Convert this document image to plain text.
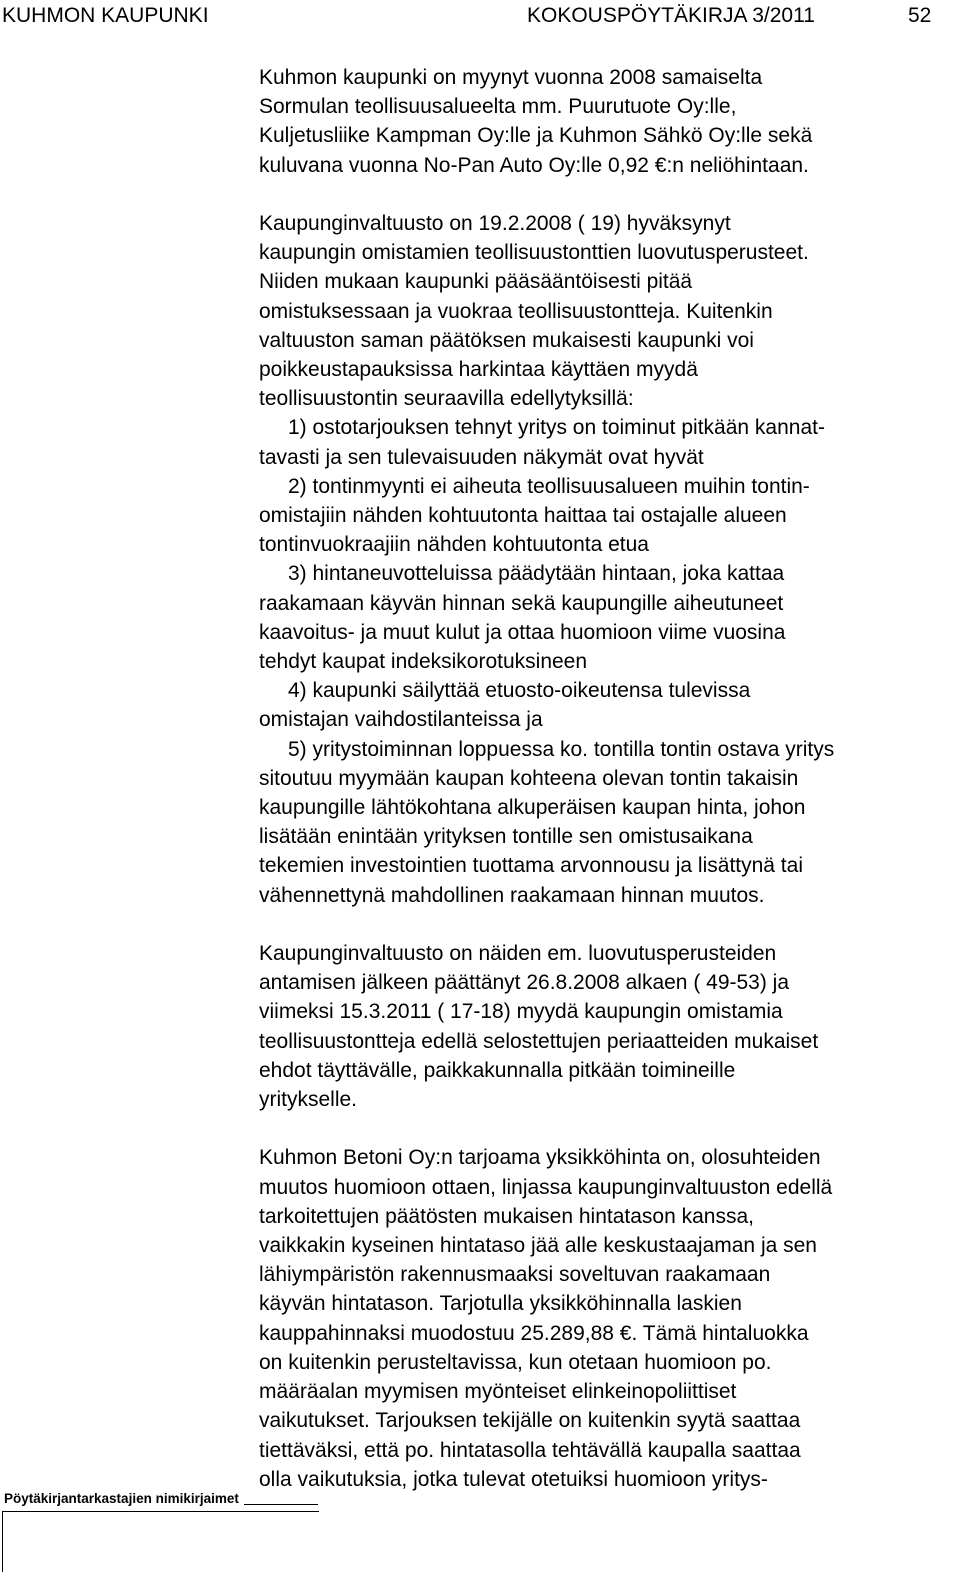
KUHMON KAUPUNKI	KOKOUSPÖYTÄKIRJA 3/2011	52
Kuhmon kaupunki on myynyt vuonna 2008 samaiselta
Sormulan teollisuusalueelta mm. Puurutuote Oy:lle,
Kuljetusliike Kampman Oy:lle ja Kuhmon Sähkö Oy:lle sekä
kuluvana vuonna No-Pan Auto Oy:lle 0,92 €:n neliöhintaan.
Kaupunginvaltuusto on 19.2.2008 ( 19) hyväksynyt
kaupungin omistamien teollisuustonttien luovutusperusteet.
Niiden mukaan kaupunki pääsääntöisesti pitää
omistuksessaan ja vuokraa teollisuustontteja. Kuitenkin
valtuuston saman päätöksen mukaisesti kaupunki voi
poikkeustapauksissa harkintaa käyttäen myydä
teollisuustontin seuraavilla edellytyksillä:
1) ostotarjouksen tehnyt yritys on toiminut pitkään kannat-
tavasti ja sen tulevaisuuden näkymät ovat hyvät
2) tontinmyynti ei aiheuta teollisuusalueen muihin tontin-
omistajiin nähden kohtuutonta haittaa tai ostajalle alueen
tontinvuokraajiin nähden kohtuutonta etua
3) hintaneuvotteluissa päädytään hintaan, joka kattaa
raakamaan käyvän hinnan sekä kaupungille aiheutuneet
kaavoitus- ja muut kulut ja ottaa huomioon viime vuosina
tehdyt kaupat indeksikorotuksineen
4) kaupunki säilyttää etuosto-oikeutensa tulevissa
omistajan vaihdostilanteissa ja
5) yritystoiminnan loppuessa ko. tontilla tontin ostava yritys
sitoutuu myymään kaupan kohteena olevan tontin takaisin
kaupungille lähtökohtana alkuperäisen kaupan hinta, johon
lisätään enintään yrityksen tontille sen omistusaikana
tekemien investointien tuottama arvonnousu ja lisättynä tai
vähennettynä mahdollinen raakamaan hinnan muutos.
Kaupunginvaltuusto on näiden em. luovutusperusteiden
antamisen jälkeen päättänyt 26.8.2008 alkaen ( 49-53) ja
viimeksi 15.3.2011 ( 17-18) myydä kaupungin omistamia
teollisuustontteja edellä selostettujen periaatteiden mukaiset
ehdot täyttävälle, paikkakunnalla pitkään toimineille
yritykselle.
Kuhmon Betoni Oy:n tarjoama yksikköhinta on, olosuhteiden
muutos huomioon ottaen, linjassa kaupunginvaltuuston edellä
tarkoitettujen päätösten mukaisen hintatason kanssa,
vaikkakin kyseinen hintataso jää alle keskustaajaman ja sen
lähiympäristön rakennusmaaksi soveltuvan raakamaan
käyvän hintatason. Tarjotulla yksikköhinnalla laskien
kauppahinnaksi muodostuu 25.289,88 €. Tämä hintaluokka
on kuitenkin perusteltavissa, kun otetaan huomioon po.
määräalan myymisen myönteiset elinkeinopoliittiset
vaikutukset. Tarjouksen tekijälle on kuitenkin syytä saattaa
tiettäväksi, että po. hintatasolla tehtävällä kaupalla saattaa
olla vaikutuksia, jotka tulevat otetuiksi huomioon yritys-
Pöytäkirjantarkastajien nimikirjaimet
